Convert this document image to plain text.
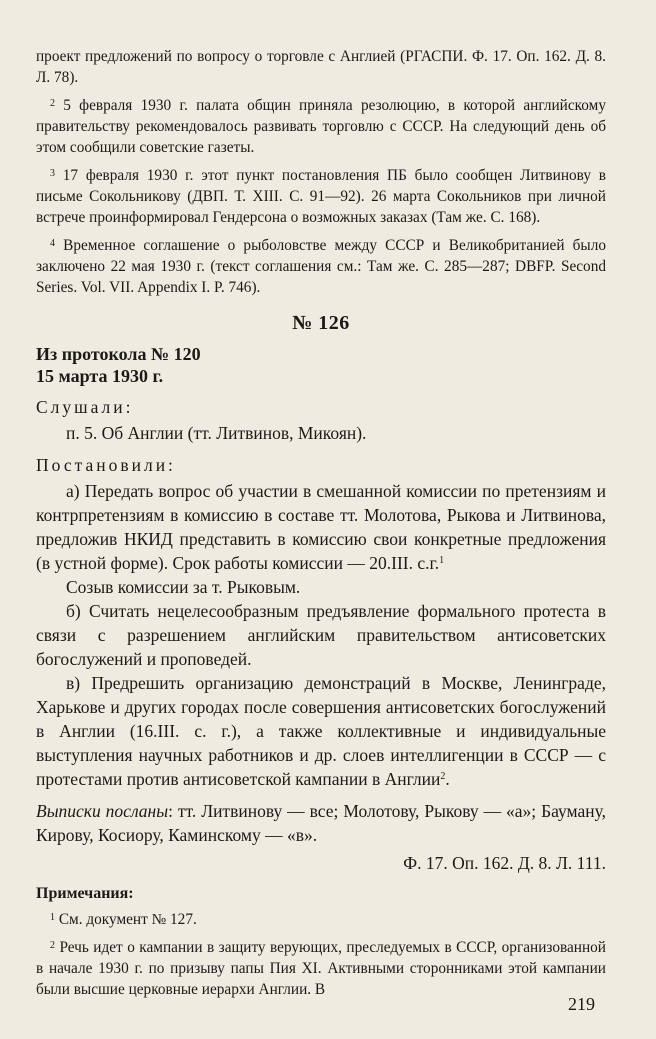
проект предложений по вопросу о торговле с Англией (РГАСПИ. Ф. 17. Оп. 162. Д. 8. Л. 78).

$^2$ 5 февраля 1930 г. палата общин приняла резолюцию, в которой английскому правительству рекомендовалось развивать торговлю с СССР. На следующий день об этом сообщили советские газеты.

$^3$ 17 февраля 1930 г. этот пункт постановления ПБ было сообщен Литвинову в письме Сокольникову (ДВП. Т. XIII. С. 91—92). 26 марта Сокольников при личной встрече проинформировал Гендерсона о возможных заказах (Там же. С. 168).

$^4$ Временное соглашение о рыболовстве между СССР и Великобританией было заключено 22 мая 1930 г. (текст соглашения см.: Там же. С. 285—287; DBFP. Second Series. Vol. VII. Appendix I. P. 746).

№ 126

Из протокола № 120

15 марта 1930 г.

Слушали:

п. 5. Об Англии (тт. Литвинов, Микоян).

Постановили:

а) Передать вопрос об участии в смешанной комиссии по претензиям и контрпретензиям в комиссию в составе тт. Молотова, Рыкова и Литвинова, предложив НКИД представить в комиссию свои конкретные предложения (в устной форме). Срок работы комиссии — 20.III. с.г.$^1$

Созыв комиссии за т. Рыковым.

б) Считать нецелесообразным предъявление формального протеста в связи с разрешением английским правительством антисоветских богослужений и проповедей.

в) Предрешить организацию демонстраций в Москве, Ленинграде, Харькове и других городах после совершения антисоветских богослужений в Англии (16.III. с. г.), а также коллективные и индивидуальные выступления научных работников и др. слоев интеллигенции в СССР — с протестами против антисоветской кампании в Англии$^2$.

Выписки посланы: тт. Литвинову — все; Молотову, Рыкову — «а»; Бауману, Кирову, Косиору, Каминскому — «в».

Ф. 17. Оп. 162. Д. 8. Л. 111.

Примечания:

$^1$ См. документ № 127.

$^2$ Речь идет о кампании в защиту верующих, преследуемых в СССР, организованной в начале 1930 г. по призыву папы Пия XI. Активными сторонниками этой кампании были высшие церковные иерархи Англии. В

219
